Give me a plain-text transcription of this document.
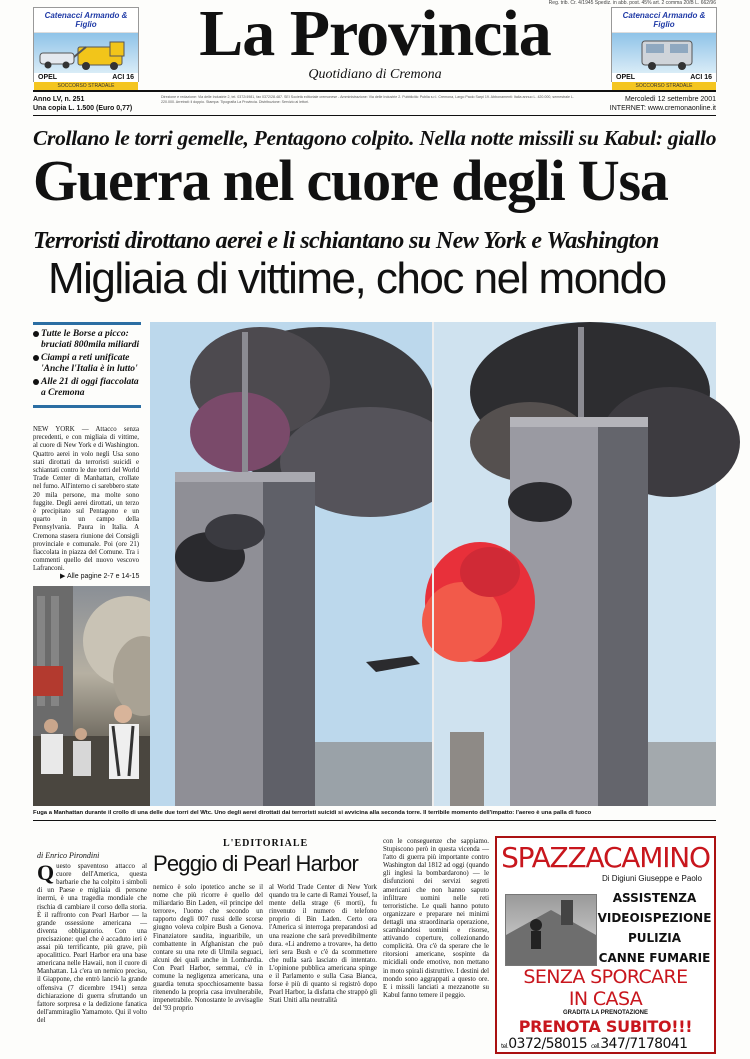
Reg. trib. Cr. 4/1945 Spediz. in abb. post. 45% art. 2 comma 20/B L. 662/96
Catenacci Armando & Figlio
OPEL	ACI 16
SOCCORSO STRADALE
La Provincia
Quotidiano di Cremona
Catenacci Armando & Figlio
OPEL	ACI 16
SOCCORSO STRADALE
Anno LV, n. 251
Una copia L. 1.500 (Euro 0,77)
Direzione e redazione: Via delle Industrie 2, tel. 0372/4981, fax 0372/28.487. SEI Società editoriale cremonese - Amministrazione: Via delle Industrie 2. Pubblicità: Publia s.r.l. Cremona, Largo Paolo Sarpi 19. Abbonamenti: Italia annuo L. 420.000, semestrale L. 220.000. Arretrati: il doppio. Stampa: Tipografia La Provincia. Distribuzione: Servizio ai lettori.	Mercoledì 12 settembre 2001
INTERNET: www.cremonaonline.it
Crollano le torri gemelle, Pentagono colpito. Nella notte missili su Kabul: giallo
Guerra nel cuore degli Usa
Terroristi dirottano aerei e li schiantano su New York e Washington
Migliaia di vittime, choc nel mondo
Tutte le Borse a picco: bruciati 800mila miliardi
Ciampi a reti unificate 'Anche l'Italia è in lutto'
Alle 21 di oggi fiaccolata a Cremona
NEW YORK — Attacco senza precedenti, e con migliaia di vittime, al cuore di New York e di Washington. Quattro aerei in volo negli Usa sono stati dirottati da terroristi suicidi e schiantati contro le due torri del World Trade Center di Manhattan, crollate nel fumo. All'interno ci sarebbero state 20 mila persone, ma molte sono fuggite. Degli aerei dirottati, un terzo è precipitato sul Pentagono e un quarto in un campo della Pennsylvania. Paura in Italia. A Cremona stasera riunione dei Consigli provinciale e comunale. Poi (ore 21) fiaccolata in piazza del Comune. Tra i commenti quello del nuovo vescovo Lafranconi.
▶ Alle pagine 2-7 e 14-15
Fuga a Manhattan durante il crollo di una delle due torri del Wtc. Uno degli aerei dirottati dai terroristi suicidi si avvicina alla seconda torre. Il terribile momento dell'impatto: l'aereo è una palla di fuoco
di Enrico Pirondini
Q uesto spaventoso attacco al cuore dell'America, questa barbarie che ha colpito i simboli di un Paese e migliaia di persone inermi, è una tragedia mondiale che rischia di cambiare il corso della storia. È il raffronto con Pearl Harbor — la grande ossessione americana — diventa obbligatorio. Con una precisazione: quel che è accaduto ieri è assai più terrificante, più grave, più apocalittico. Pearl Harbor era una base americana nelle Hawaii, non il cuore di Manhattan. Là c'era un nemico preciso, il Giappone, che entrò lanciò la grande offensiva (7 dicembre 1941) senza dichiarazione di guerra sfruttando un fattore sorpresa e la dedizione fanatica dell'ammiraglio Yamamoto. Qui il volto del
L'EDITORIALE
Peggio di Pearl Harbor
nemico è solo ipotetico anche se il nome che più ricorre è quello del miliardario Bin Laden, «il principe del terrore», l'uomo che secondo un rapporto degli 007 russi delle scorse giugno voleva colpire Bush a Genova. Finanziatore saudita, inguaribile, un combattente in Afghanistan che può contare su una rete di Ulmila seguaci, alcuni dei quali anche in Lombardia. Con Pearl Harbor, semmai, c'è in comune la negligenza americana, una guardia tenuta spocchiosamente bassa ritenendo la propria casa invulnerabile, impenetrabile. Nonostante le avvisaglie del '93 proprio
al World Trade Center di New York quando tra le carte di Ramzi Yousef, la mente della strage (6 morti), fu rinvenuto il numero di telefono proprio di Bin Laden. Certo ora l'America si interroga preparandosi ad una reazione che sarà prevedibilmente dura. «Li andremo a trovare», ha detto ieri sera Bush e c'è da scommettere che nulla sarà lasciato di intentato. L'opinione pubblica americana spinge e il Parlamento e sulla Casa Bianca, forse è più di quanto si registrò dopo Pearl Harbor, la disfatta che strappò gli Stati Uniti alla neutralità
con le conseguenze che sappiamo. Stupiscono però in questa vicenda — l'atto di guerra più importante contro Washington dal 1812 ad oggi (quando gli inglesi la bombardarono) — le disfunzioni dei servizi segreti americani che non hanno saputo infiltrare uomini nelle reti terroristiche. Le quali hanno potuto organizzare e preparare nei minimi dettagli una straordinaria operazione, scambiandosi uomini e risorse, attivando coperture, collezionando complicità. Ora c'è da sperare che le ritorsioni americane, sospinte da micidiali onde emotive, non mettano in moto spirali distruttive. I destini del mondo sono aggrappati a questo ore. E i missili lanciati a mezzanotte su Kabul fanno temere il peggio.
SPAZZACAMINO
Di Digiuni Giuseppe e Paolo
ASSISTENZA
VIDEOISPEZIONE
PULIZIA
CANNE FUMARIE
SENZA SPORCARE
IN CASA
GRADITA LA PRENOTAZIONE
PRENOTA SUBITO!!!
tel.0372/58015 cell.347/7178041
